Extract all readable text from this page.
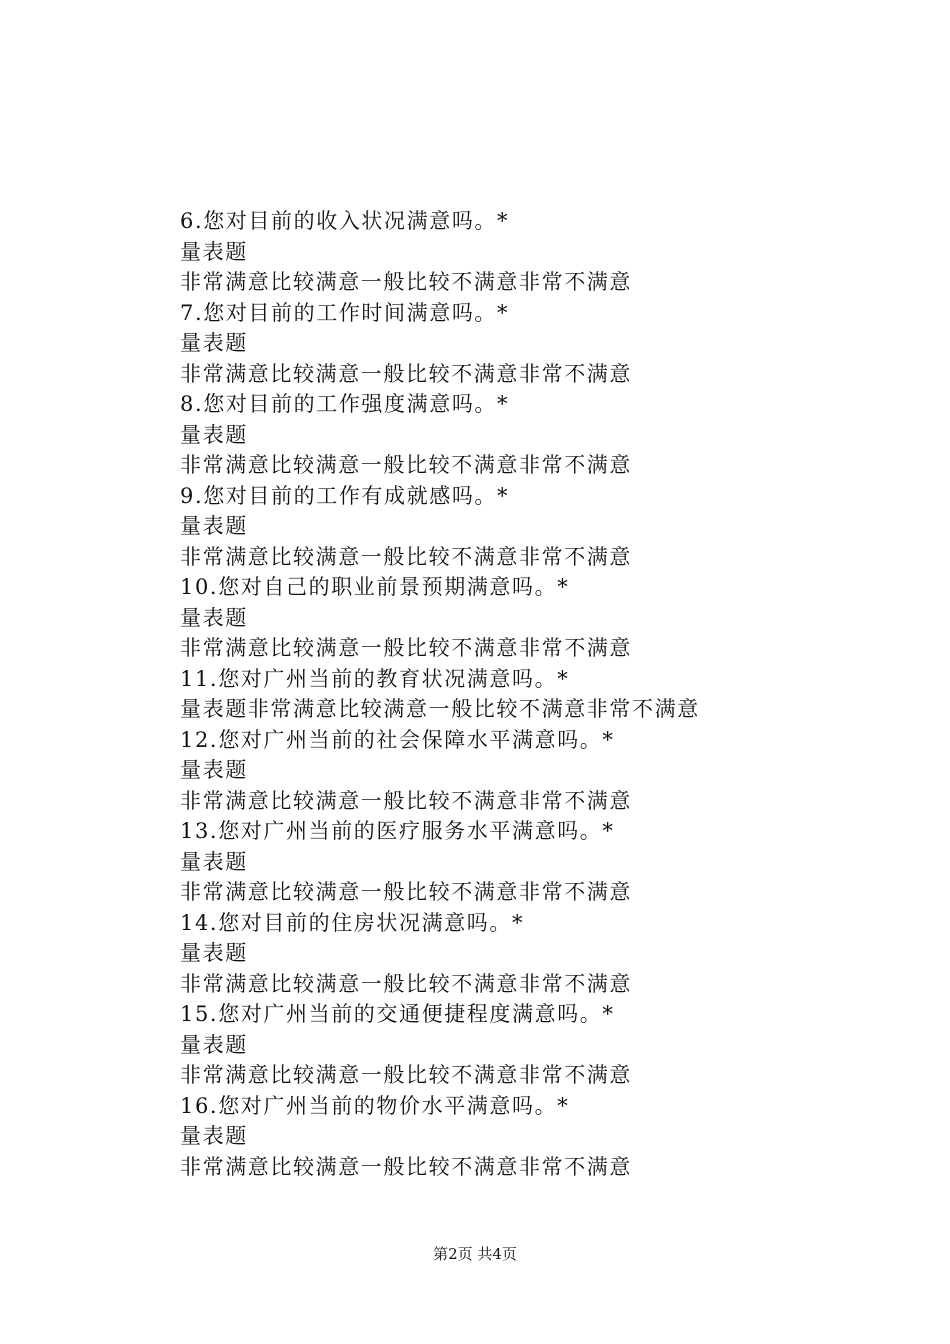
6.您对目前的收入状况满意吗。*
量表题
非常满意比较满意一般比较不满意非常不满意
7.您对目前的工作时间满意吗。*
量表题
非常满意比较满意一般比较不满意非常不满意
8.您对目前的工作强度满意吗。*
量表题
非常满意比较满意一般比较不满意非常不满意
9.您对目前的工作有成就感吗。*
量表题
非常满意比较满意一般比较不满意非常不满意
10.您对自己的职业前景预期满意吗。*
量表题
非常满意比较满意一般比较不满意非常不满意
11.您对广州当前的教育状况满意吗。*
量表题非常满意比较满意一般比较不满意非常不满意
12.您对广州当前的社会保障水平满意吗。*
量表题
非常满意比较满意一般比较不满意非常不满意
13.您对广州当前的医疗服务水平满意吗。*
量表题
非常满意比较满意一般比较不满意非常不满意
14.您对目前的住房状况满意吗。*
量表题
非常满意比较满意一般比较不满意非常不满意
15.您对广州当前的交通便捷程度满意吗。*
量表题
非常满意比较满意一般比较不满意非常不满意
16.您对广州当前的物价水平满意吗。*
量表题
非常满意比较满意一般比较不满意非常不满意
第2页 共4页
